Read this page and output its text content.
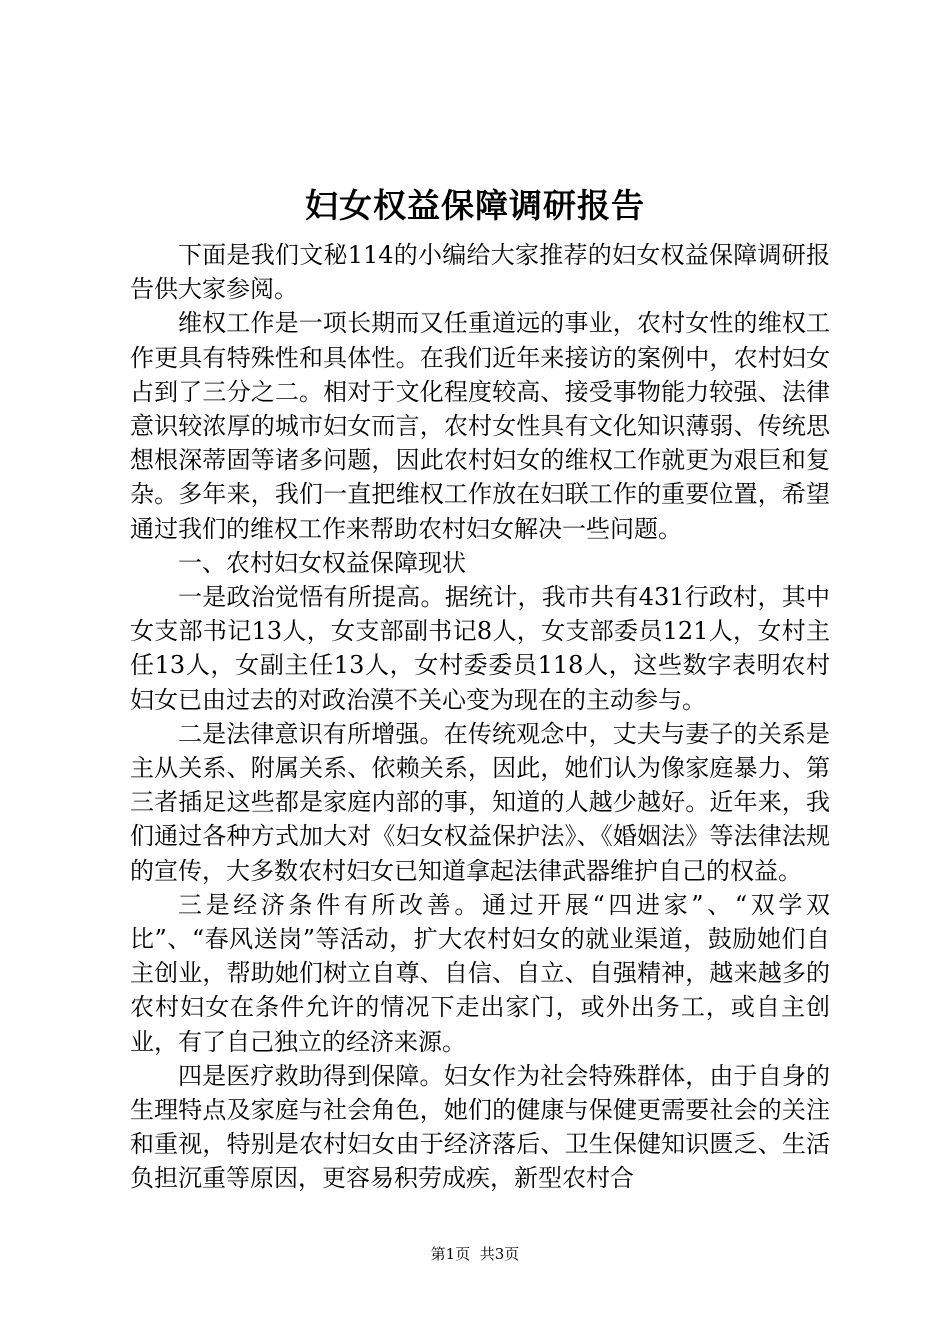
妇女权益保障调研报告

下面是我们文秘114的小编给大家推荐的妇女权益保障调研报告供大家参阅。

维权工作是一项长期而又任重道远的事业，农村女性的维权工作更具有特殊性和具体性。在我们近年来接访的案例中，农村妇女占到了三分之二。相对于文化程度较高、接受事物能力较强、法律意识较浓厚的城市妇女而言，农村女性具有文化知识薄弱、传统思想根深蒂固等诸多问题，因此农村妇女的维权工作就更为艰巨和复杂。多年来，我们一直把维权工作放在妇联工作的重要位置，希望通过我们的维权工作来帮助农村妇女解决一些问题。

一、农村妇女权益保障现状

一是政治觉悟有所提高。据统计，我市共有431行政村，其中女支部书记13人，女支部副书记8人，女支部委员121人，女村主任13人，女副主任13人，女村委委员118人，这些数字表明农村妇女已由过去的对政治漠不关心变为现在的主动参与。

二是法律意识有所增强。在传统观念中，丈夫与妻子的关系是主从关系、附属关系、依赖关系，因此，她们认为像家庭暴力、第三者插足这些都是家庭内部的事，知道的人越少越好。近年来，我们通过各种方式加大对《妇女权益保护法》、《婚姻法》等法律法规的宣传，大多数农村妇女已知道拿起法律武器维护自己的权益。

三是经济条件有所改善。通过开展“四进家”、“双学双比”、“春风送岗”等活动，扩大农村妇女的就业渠道，鼓励她们自主创业，帮助她们树立自尊、自信、自立、自强精神，越来越多的农村妇女在条件允许的情况下走出家门，或外出务工，或自主创业，有了自己独立的经济来源。

四是医疗救助得到保障。妇女作为社会特殊群体，由于自身的生理特点及家庭与社会角色，她们的健康与保健更需要社会的关注和重视，特别是农村妇女由于经济落后、卫生保健知识匮乏、生活负担沉重等原因，更容易积劳成疾，新型农村合

第1页 共3页
